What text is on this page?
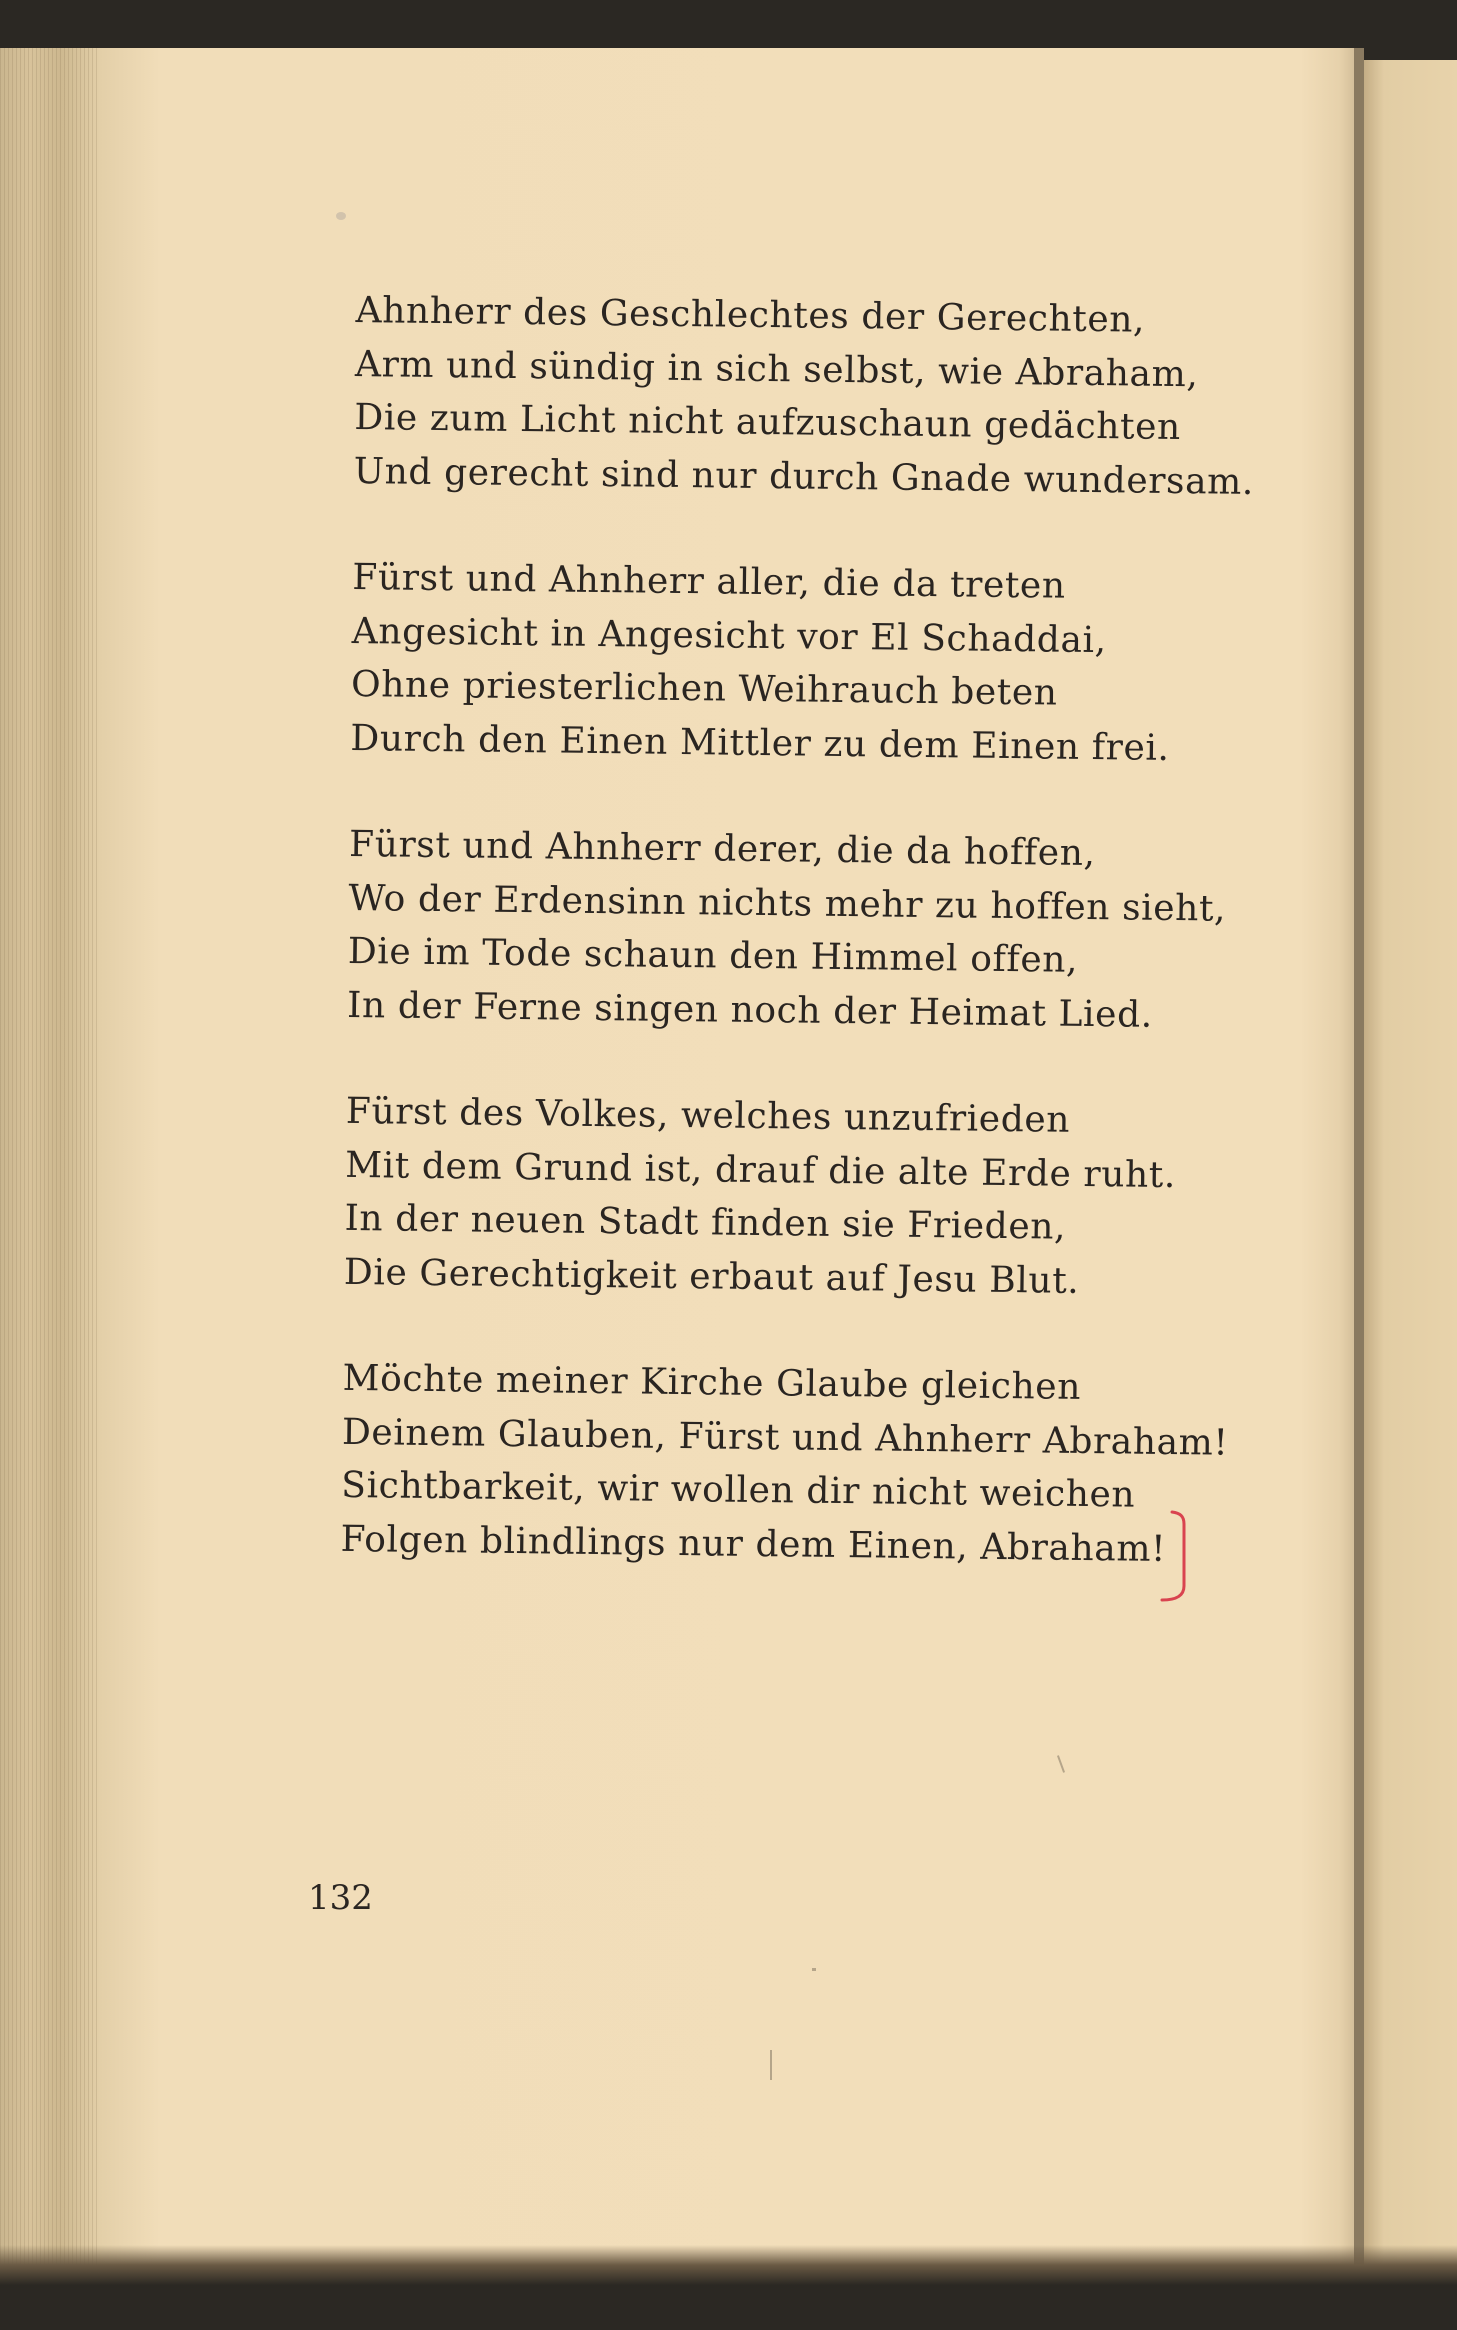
Ahnherr des Geschlechtes der Gerechten,
Arm und sündig in sich selbst, wie Abraham,
Die zum Licht nicht aufzuschaun gedächten
Und gerecht sind nur durch Gnade wundersam.
Fürst und Ahnherr aller, die da treten
Angesicht in Angesicht vor El Schaddai,
Ohne priesterlichen Weihrauch beten
Durch den Einen Mittler zu dem Einen frei.
Fürst und Ahnherr derer, die da hoffen,
Wo der Erdensinn nichts mehr zu hoffen sieht,
Die im Tode schaun den Himmel offen,
In der Ferne singen noch der Heimat Lied.
Fürst des Volkes, welches unzufrieden
Mit dem Grund ist, drauf die alte Erde ruht.
In der neuen Stadt finden sie Frieden,
Die Gerechtigkeit erbaut auf Jesu Blut.
Möchte meiner Kirche Glaube gleichen
Deinem Glauben, Fürst und Ahnherr Abraham!
Sichtbarkeit, wir wollen dir nicht weichen
Folgen blindlings nur dem Einen, Abraham!
132
